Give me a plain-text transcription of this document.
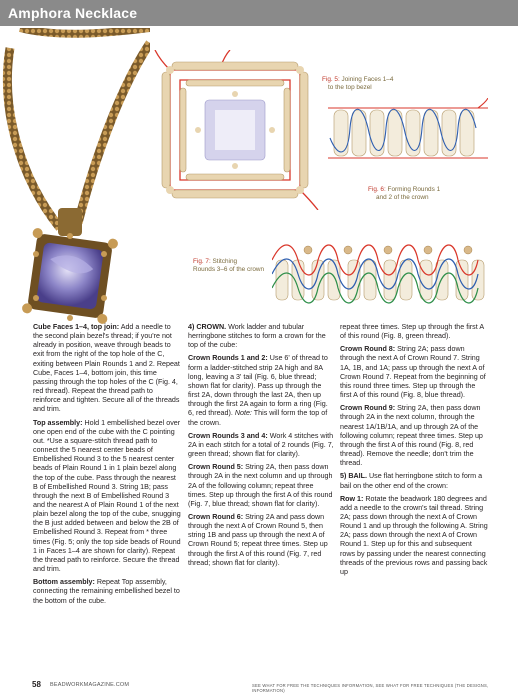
Amphora Necklace
Fig. 5: Joining Faces 1–4
to the top bezel
Fig. 6: Forming Rounds 1
and 2 of the crown
Fig. 7: Stitching
Rounds 3–6 of the crown

Cube Faces 1–4, top join: Add a needle to the second plain bezel's thread; if you're not already in position, weave through beads to exit from the right of the top hole of the C, exiting between Plain Rounds 1 and 2. Repeat Cube, Faces 1–4, bottom join, this time passing through the top holes of the C (Fig. 4, red thread). Repeat the thread path to reinforce and tighten. Secure all of the threads and trim.

Top assembly: Hold 1 embellished bezel over one open end of the cube with the C pointing out. *Use a square-stitch thread path to connect the 5 nearest center beads of Embellished Round 3 to the 5 nearest center beads of Plain Round 1 in 1 plain bezel along the top of the cube. Pass through the nearest B of Embellished Round 3. String 1B; pass through the next B of Embellished Round 3 and the nearest A of Plain Round 1 of the next plain bezel along the top of the cube, snugging the B just added between and below the 2B of Embellished Round 3. Repeat from * three times (Fig. 5; only the top side beads of Round 1 in Faces 1–4 are shown for clarity). Repeat the thread path to reinforce. Secure the thread and trim.

Bottom assembly: Repeat Top assembly, connecting the remaining embellished bezel to the bottom of the cube.

4) CROWN. Work ladder and tubular herringbone stitches to form a crown for the top of the cube:

Crown Rounds 1 and 2: Use 6' of thread to form a ladder-stitched strip 2A high and 8A long, leaving a 3' tail (Fig. 6, blue thread; shown flat for clarity). Pass up through the first 2A, down through the last 2A, then up through the first 2A again to form a ring (Fig. 6, red thread). Note: This will form the top of the crown.

Crown Rounds 3 and 4: Work 4 stitches with 2A in each stitch for a total of 2 rounds (Fig. 7, green thread; shown flat for clarity).

Crown Round 5: String 2A, then pass down through 2A in the next column and up through 2A of the following column; repeat three times. Step up through the first A of this round (Fig. 7, blue thread; shown flat for clarity).

Crown Round 6: String 2A and pass down through the next A of Crown Round 5, then string 1B and pass up through the next A of Crown Round 5; repeat three times. Step up through the first A of this round (Fig. 7, red thread; shown flat for clarity).

repeat three times. Step up through the first A of this round (Fig. 8, green thread).

Crown Round 8: String 2A; pass down through the next A of Crown Round 7. String 1A, 1B, and 1A; pass up through the next A of Crown Round 7. Repeat from the beginning of this round three times. Step up through the first A of this round (Fig. 8, blue thread).

Crown Round 9: String 2A, then pass down through 2A in the next column, through the nearest 1A/1B/1A, and up through 2A of the following column; repeat three times. Step up through the first A of this round (Fig. 8, red thread). Remove the needle; don't trim the thread.

5) BAIL. Use flat herringbone stitch to form a bail on the other end of the crown:

Row 1: Rotate the beadwork 180 degrees and add a needle to the crown's tail thread. String 2A; pass down through the next A of Crown Round 1 and up through the following A. String 2A; pass down through the next A of Crown Round 1. Step up for this and subsequent rows by passing under the nearest connecting threads of the previous rows and passing back up

58 BEADWORKMAGAZINE.COM	SEE WHAT FOR FREE THE TECHNIQUES INFORMATION, SEE WHAT FOR FREE TECHNIQUES (THE DESIGNS, INFORMATION)
